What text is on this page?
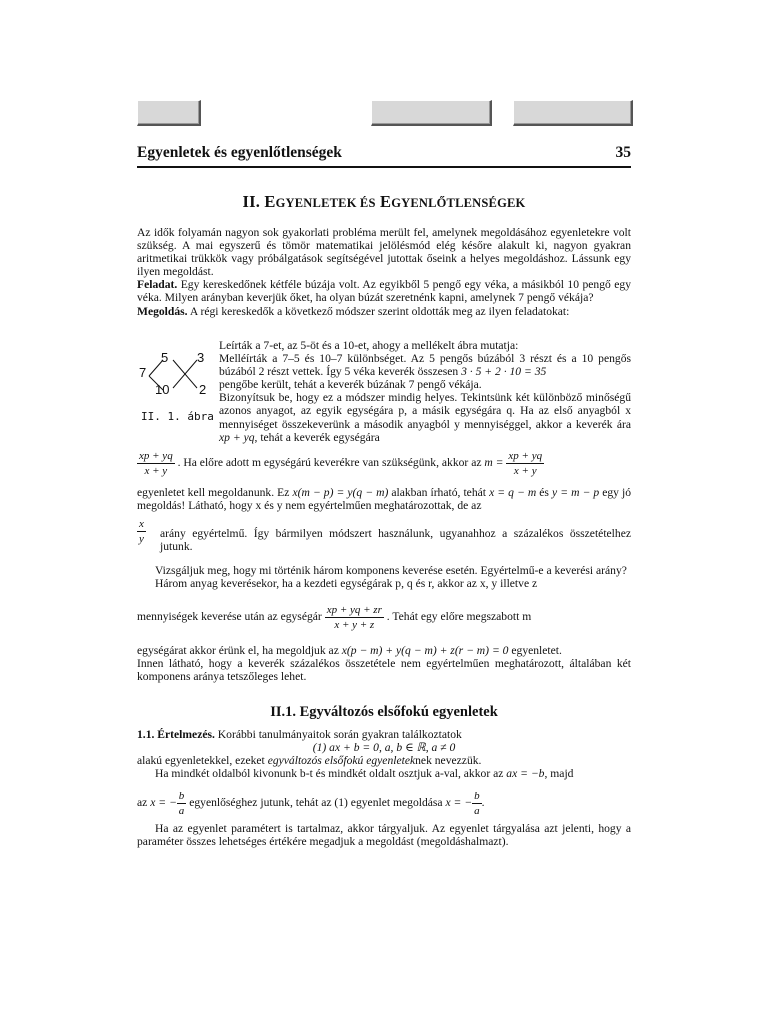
Egyenletek és egyenlőtlenségek	35
II. EGYENLETEK ÉS EGYENLŐTLENSÉGEK

Az idők folyamán nagyon sok gyakorlati probléma merült fel, amelynek megoldásához egyenletekre volt szükség. A mai egyszerű és tömör matematikai jelölésmód elég későre alakult ki, nagyon gyakran aritmetikai trükkök vagy próbálgatások segítségével jutottak őseink a helyes megoldáshoz. Lássunk egy ilyen megoldást.

Feladat. Egy kereskedőnek kétféle búzája volt. Az egyikből 5 pengő egy véka, a másikból 10 pengő egy véka. Milyen arányban keverjük őket, ha olyan búzát szeretnénk kapni, amelynek 7 pengő vékája?

Megoldás. A régi kereskedők a következő módszer szerint oldották meg az ilyen feladatokat:

5 3
7
10 2
II. 1. ábra

Leírták a 7-et, az 5-öt és a 10-et, ahogy a mellékelt ábra mutatja:

Melléírták a 7–5 és 10–7 különbséget. Az 5 pengős búzából 3 részt és a 10 pengős búzából 2 részt vettek. Így 5 véka keverék összesen 3 · 5 + 2 · 10 = 35

pengőbe került, tehát a keverék búzának 7 pengő vékája.

Bizonyítsuk be, hogy ez a módszer mindig helyes. Tekintsünk két különböző minőségű azonos anyagot, az egyik egységára p, a másik egységára q. Ha az első anyagból x mennyiséget összekeverünk a második anyagból y mennyiséggel, akkor a keverék ára xp + yq, tehát a keverék egységára

$\frac{xp + yq}{x + y}$ . Ha előre adott m egységárú keverékre van szükségünk, akkor az $m = \frac{xp + yq}{x + y}$

egyenletet kell megoldanunk. Ez x(m − p) = y(q − m) alakban írható, tehát x = q − m és y = m − p egy jó megoldás! Látható, hogy x és y nem egyértelműen meghatározottak, de az

$\frac{x}{y}$ arány egyértelmű. Így bármilyen módszert használunk, ugyanahhoz a százalékos összetételhez jutunk.

Vizsgáljuk meg, hogy mi történik három komponens keverése esetén. Egyértelmű-e a keverési arány?

Három anyag keverésekor, ha a kezdeti egységárak p, q és r, akkor az x, y illetve z

mennyiségek keverése után az egységár $\frac{xp + yq + zr}{x + y + z}$ . Tehát egy előre megszabott m

egységárat akkor érünk el, ha megoldjuk az x(p − m) + y(q − m) + z(r − m) = 0 egyenletet.

Innen látható, hogy a keverék százalékos összetétele nem egyértelműen meghatározott, általában két komponens aránya tetszőleges lehet.

II.1. Egyváltozós elsőfokú egyenletek

1.1. Értelmezés. Korábbi tanulmányaitok során gyakran találkoztatok

(1) ax + b = 0, a, b ∈ ℝ, a ≠ 0

alakú egyenletekkel, ezeket egyváltozós elsőfokú egyenleteknek nevezzük.

Ha mindkét oldalból kivonunk b-t és mindkét oldalt osztjuk a-val, akkor az ax = −b, majd

az x = − $\frac{b}{a}$ egyenlőséghez jutunk, tehát az (1) egyenlet megoldása x = − $\frac{b}{a}$ .

Ha az egyenlet paramétert is tartalmaz, akkor tárgyaljuk. Az egyenlet tárgyalása azt jelenti, hogy a paraméter összes lehetséges értékére megadjuk a megoldást (megoldáshalmazt).
